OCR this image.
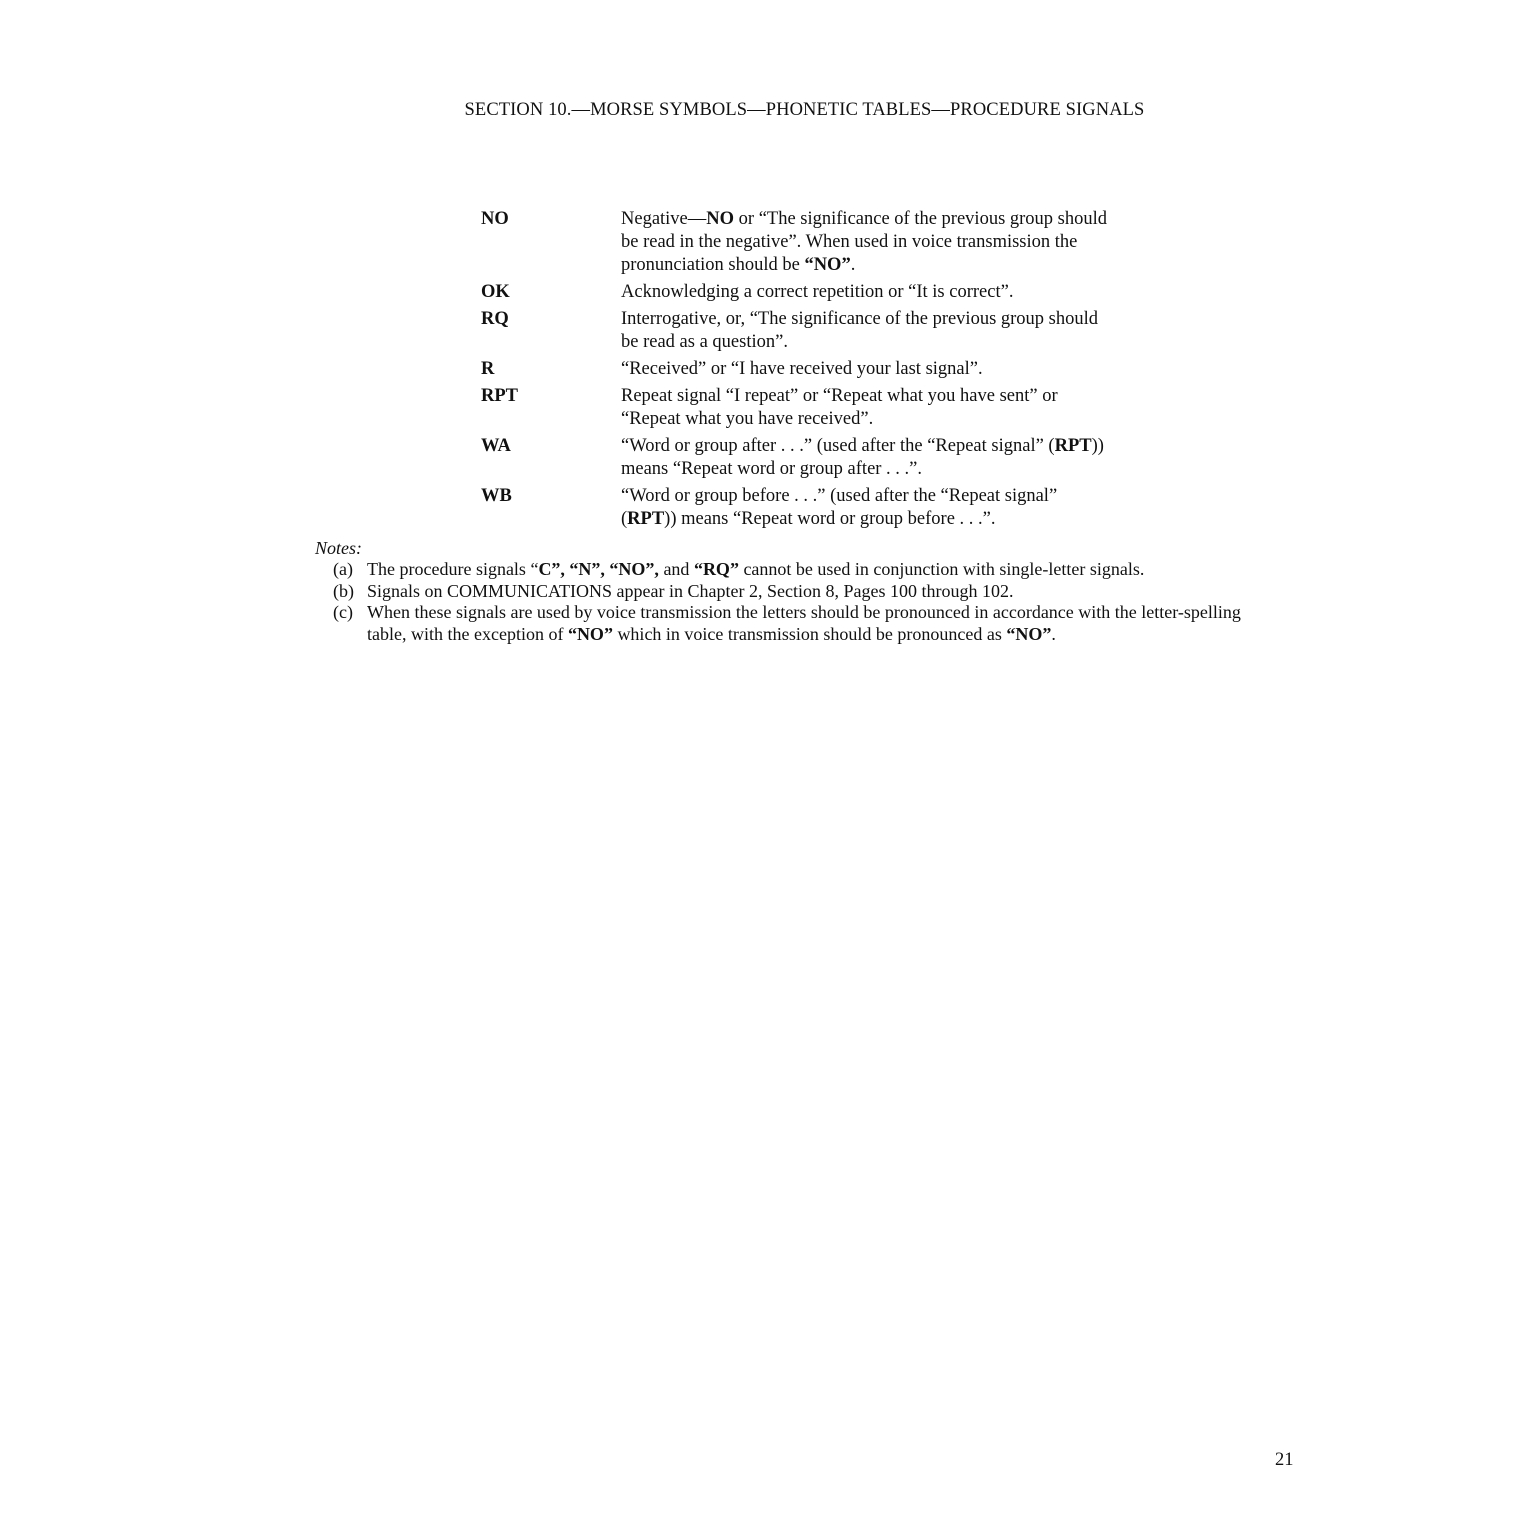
SECTION 10.—MORSE SYMBOLS—PHONETIC TABLES—PROCEDURE SIGNALS
NO	Negative—NO or “The significance of the previous group should
be read in the negative”. When used in voice transmission the
pronunciation should be “NO”.
OK	Acknowledging a correct repetition or “It is correct”.
RQ	Interrogative, or, “The significance of the previous group should
be read as a question”.
R	“Received” or “I have received your last signal”.
RPT	Repeat signal “I repeat” or “Repeat what you have sent” or
“Repeat what you have received”.
WA	“Word or group after . . .” (used after the “Repeat signal” (RPT))
means “Repeat word or group after . . .”.
WB	“Word or group before . . .” (used after the “Repeat signal”
(RPT)) means “Repeat word or group before . . .”.
Notes:
(a) The procedure signals “C”, “N”, “NO”, and “RQ” cannot be used in conjunction with single-letter signals.
(b) Signals on COMMUNICATIONS appear in Chapter 2, Section 8, Pages 100 through 102.
(c) When these signals are used by voice transmission the letters should be pronounced in accordance with the letter-spelling
table, with the exception of “NO” which in voice transmission should be pronounced as “NO”.
21
